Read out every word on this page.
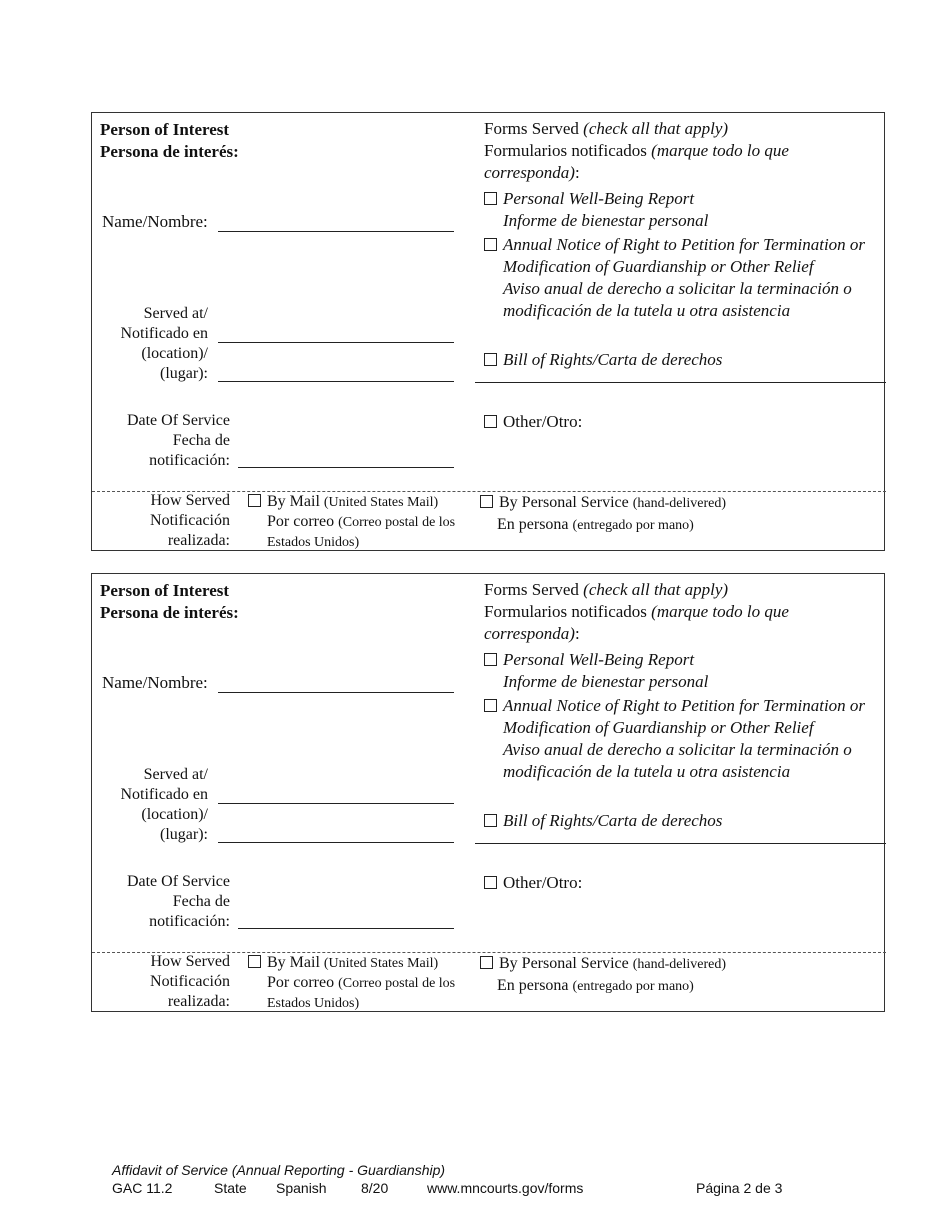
Person of Interest
Persona de interés:
Name/Nombre:
Served at/
Notificado en
(location)/
(lugar):
Date Of Service
Fecha de
notificación:
Forms Served (check all that apply)
Formularios notificados (marque todo lo que corresponda):
Personal Well-Being Report
Informe de bienestar personal
Annual Notice of Right to Petition for Termination or Modification of Guardianship or Other Relief
Aviso anual de derecho a solicitar la terminación o modificación de la tutela u otra asistencia
Bill of Rights/Carta de derechos
Other/Otro:
How Served
Notificación
realizada:
By Mail (United States Mail)
Por correo (Correo postal de los Estados Unidos)
By Personal Service (hand-delivered)
En persona (entregado por mano)
Person of Interest
Persona de interés:
Name/Nombre:
Served at/
Notificado en
(location)/
(lugar):
Date Of Service
Fecha de
notificación:
Forms Served (check all that apply)
Formularios notificados (marque todo lo que corresponda):
Personal Well-Being Report
Informe de bienestar personal
Annual Notice of Right to Petition for Termination or Modification of Guardianship or Other Relief
Aviso anual de derecho a solicitar la terminación o modificación de la tutela u otra asistencia
Bill of Rights/Carta de derechos
Other/Otro:
How Served
Notificación
realizada:
By Mail (United States Mail)
Por correo (Correo postal de los Estados Unidos)
By Personal Service (hand-delivered)
En persona (entregado por mano)
Affidavit of Service (Annual Reporting - Guardianship)
GAC 11.2	State Spanish 8/20	www.mncourts.gov/forms	Página 2 de 3
